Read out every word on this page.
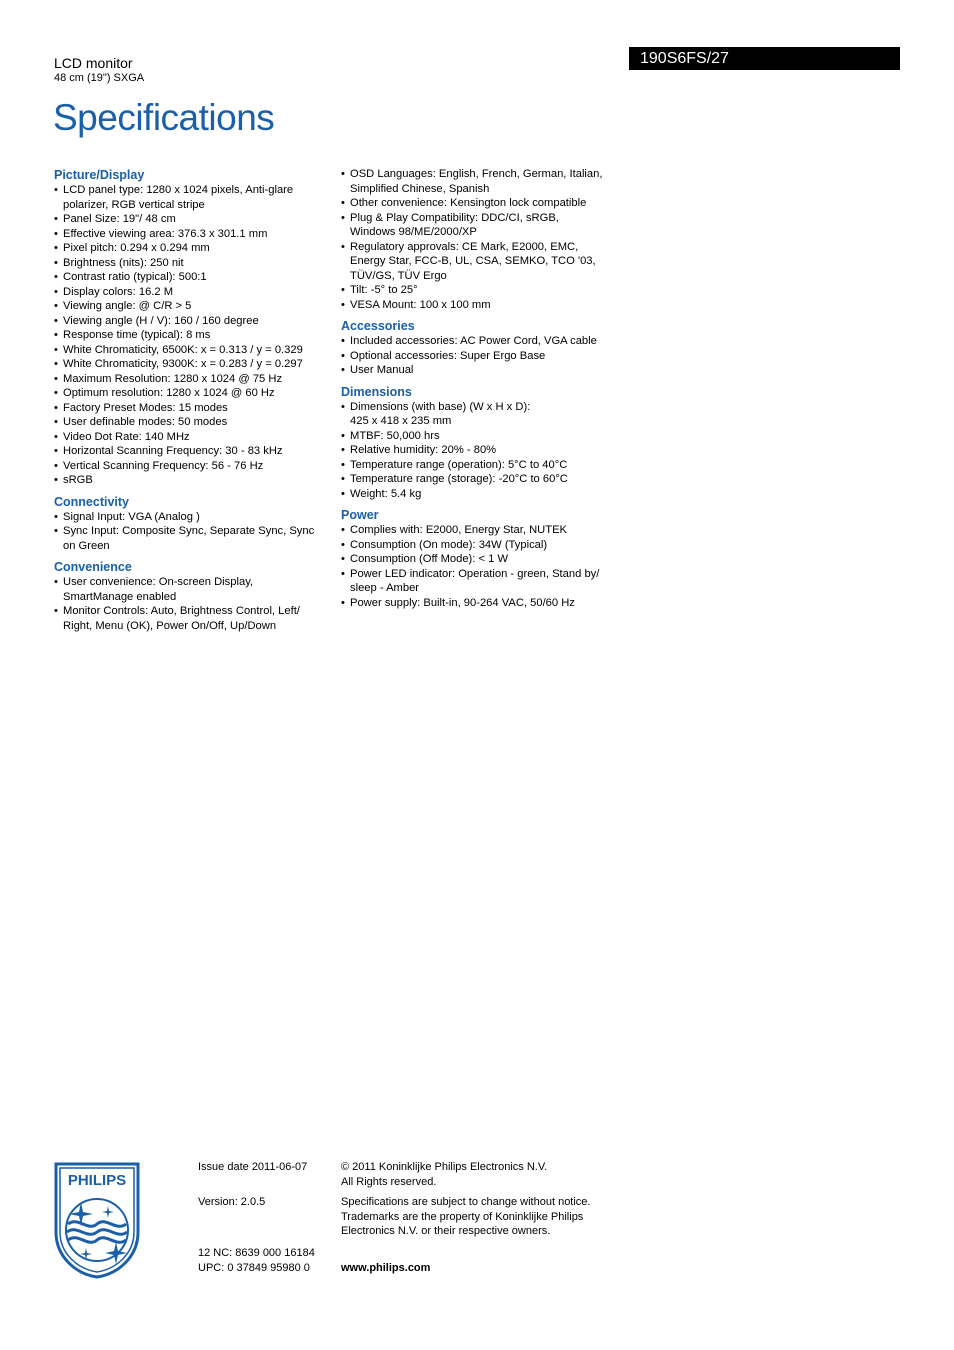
LCD monitor
48 cm (19") SXGA
190S6FS/27
Specifications
Picture/Display
• LCD panel type: 1280 x 1024 pixels, Anti-glare
polarizer, RGB vertical stripe
• Panel Size: 19"/ 48 cm
• Effective viewing area: 376.3 x 301.1 mm
• Pixel pitch: 0.294 x 0.294 mm
• Brightness (nits): 250 nit
• Contrast ratio (typical): 500:1
• Display colors: 16.2 M
• Viewing angle: @ C/R > 5
• Viewing angle (H / V): 160 / 160 degree
• Response time (typical): 8 ms
• White Chromaticity, 6500K: x = 0.313 / y = 0.329
• White Chromaticity, 9300K: x = 0.283 / y = 0.297
• Maximum Resolution: 1280 x 1024 @ 75 Hz
• Optimum resolution: 1280 x 1024 @ 60 Hz
• Factory Preset Modes: 15 modes
• User definable modes: 50 modes
• Video Dot Rate: 140 MHz
• Horizontal Scanning Frequency: 30 - 83 kHz
• Vertical Scanning Frequency: 56 - 76 Hz
• sRGB
Connectivity
• Signal Input: VGA (Analog )
• Sync Input: Composite Sync, Separate Sync, Sync
on Green
Convenience
• User convenience: On-screen Display,
SmartManage enabled
• Monitor Controls: Auto, Brightness Control, Left/
Right, Menu (OK), Power On/Off, Up/Down
• OSD Languages: English, French, German, Italian,
Simplified Chinese, Spanish
• Other convenience: Kensington lock compatible
• Plug & Play Compatibility: DDC/CI, sRGB,
Windows 98/ME/2000/XP
• Regulatory approvals: CE Mark, E2000, EMC,
Energy Star, FCC-B, UL, CSA, SEMKO, TCO '03,
TÜV/GS, TÜV Ergo
• Tilt: -5° to 25°
• VESA Mount: 100 x 100 mm
Accessories
• Included accessories: AC Power Cord, VGA cable
• Optional accessories: Super Ergo Base
• User Manual
Dimensions
• Dimensions (with base) (W x H x D):
425 x 418 x 235 mm
• MTBF: 50,000 hrs
• Relative humidity: 20% - 80%
• Temperature range (operation): 5°C to 40°C
• Temperature range (storage): -20°C to 60°C
• Weight: 5.4 kg
Power
• Complies with: E2000, Energy Star, NUTEK
• Consumption (On mode): 34W (Typical)
• Consumption (Off Mode): < 1 W
• Power LED indicator: Operation - green, Stand by/
sleep - Amber
• Power supply: Built-in, 90-264 VAC, 50/60 Hz
PHILIPS
Issue date 2011-06-07
Version: 2.0.5
12 NC: 8639 000 16184
UPC: 0 37849 95980 0
© 2011 Koninklijke Philips Electronics N.V.
All Rights reserved.
Specifications are subject to change without notice.
Trademarks are the property of Koninklijke Philips
Electronics N.V. or their respective owners.
www.philips.com
